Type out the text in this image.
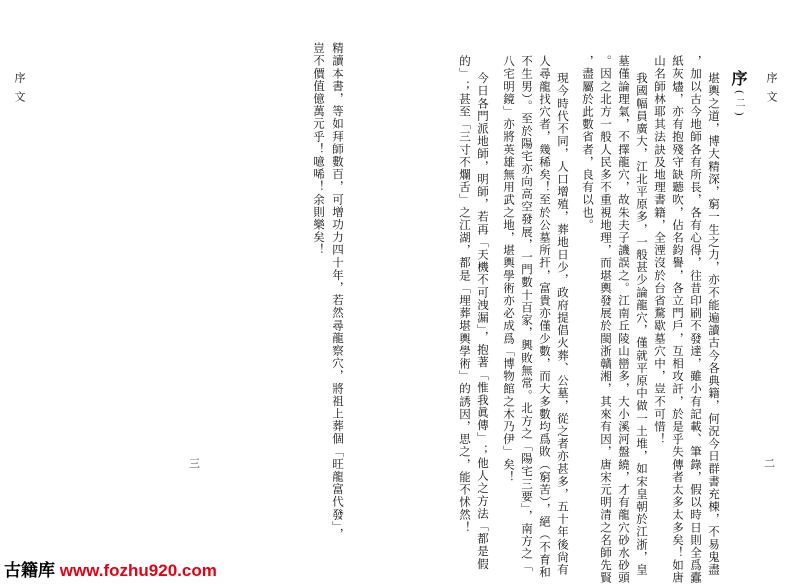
序文
三	精讀本書，等如拜師數百，可增功力四十年，若然尋龍察穴，將祖上葬個「旺龍富代發」，
豈不價值億萬元乎！噫唏！余則樂矣！	序文
二
序(二)
堪輿之道，博大精深，窮一生之力，亦不能遍讀古今各典籍，何況今日群書充棟，不易鬼盡
，加以古今地師各有所長，各有心得，往昔印刷不發達，雖小有記載、筆錄，假以時日則全爲蠹
紙灰燼，亦有抱殘守缺聽吹，佔名鈞譽，各立門戶，互相攻訐，於是乎失傳者太多太多矣！如唐
山名師林耶其法訣及地理書籍，全湮沒於台省騖歇墓穴中，豈不可惜！
我國幅員廣大，江北平原多，一般甚少論龍穴，僅就平原中做一土堆，如宋皇朝於江浙，皇
墓僅論理氣，不擇龍穴，故朱夫子譏誤之。江南丘陵山巒多，大小溪河盤繞，才有龍穴砂水砂頭
。因之北方一般人民多不重視地理，而堪輿發展於閩浙贛湘，其來有因，唐宋元明清之名師先賢
，盡屬於此數省者，良有以也。
現今時代不同，人口增殖，葬地日少，政府提倡火葬、公墓，從之者亦甚多，五十年後尙有
人尋龍找穴者，幾稀矣！至於公墓所扞，富貴亦僅少數，而大多數均爲敗（窮苦），絕（不育和
不生男）。至於陽宅亦向高空發展，一門數十百家，興敗無常。北方之「陽宅三要」，南方之「
八宅明鏡」亦將英雄無用武之地，堪輿學術亦必成爲「博物館之木乃伊」矣！
今日各門派地師，明師，若再「天機不可洩漏」，抱著「惟我眞傳」；他人之方法「都是假
的」；甚至「三寸不爛舌」之江湖，都是「埋葬堪輿學術」的誘因，思之，能不怵然！
古籍库 www.fozhu920.com
